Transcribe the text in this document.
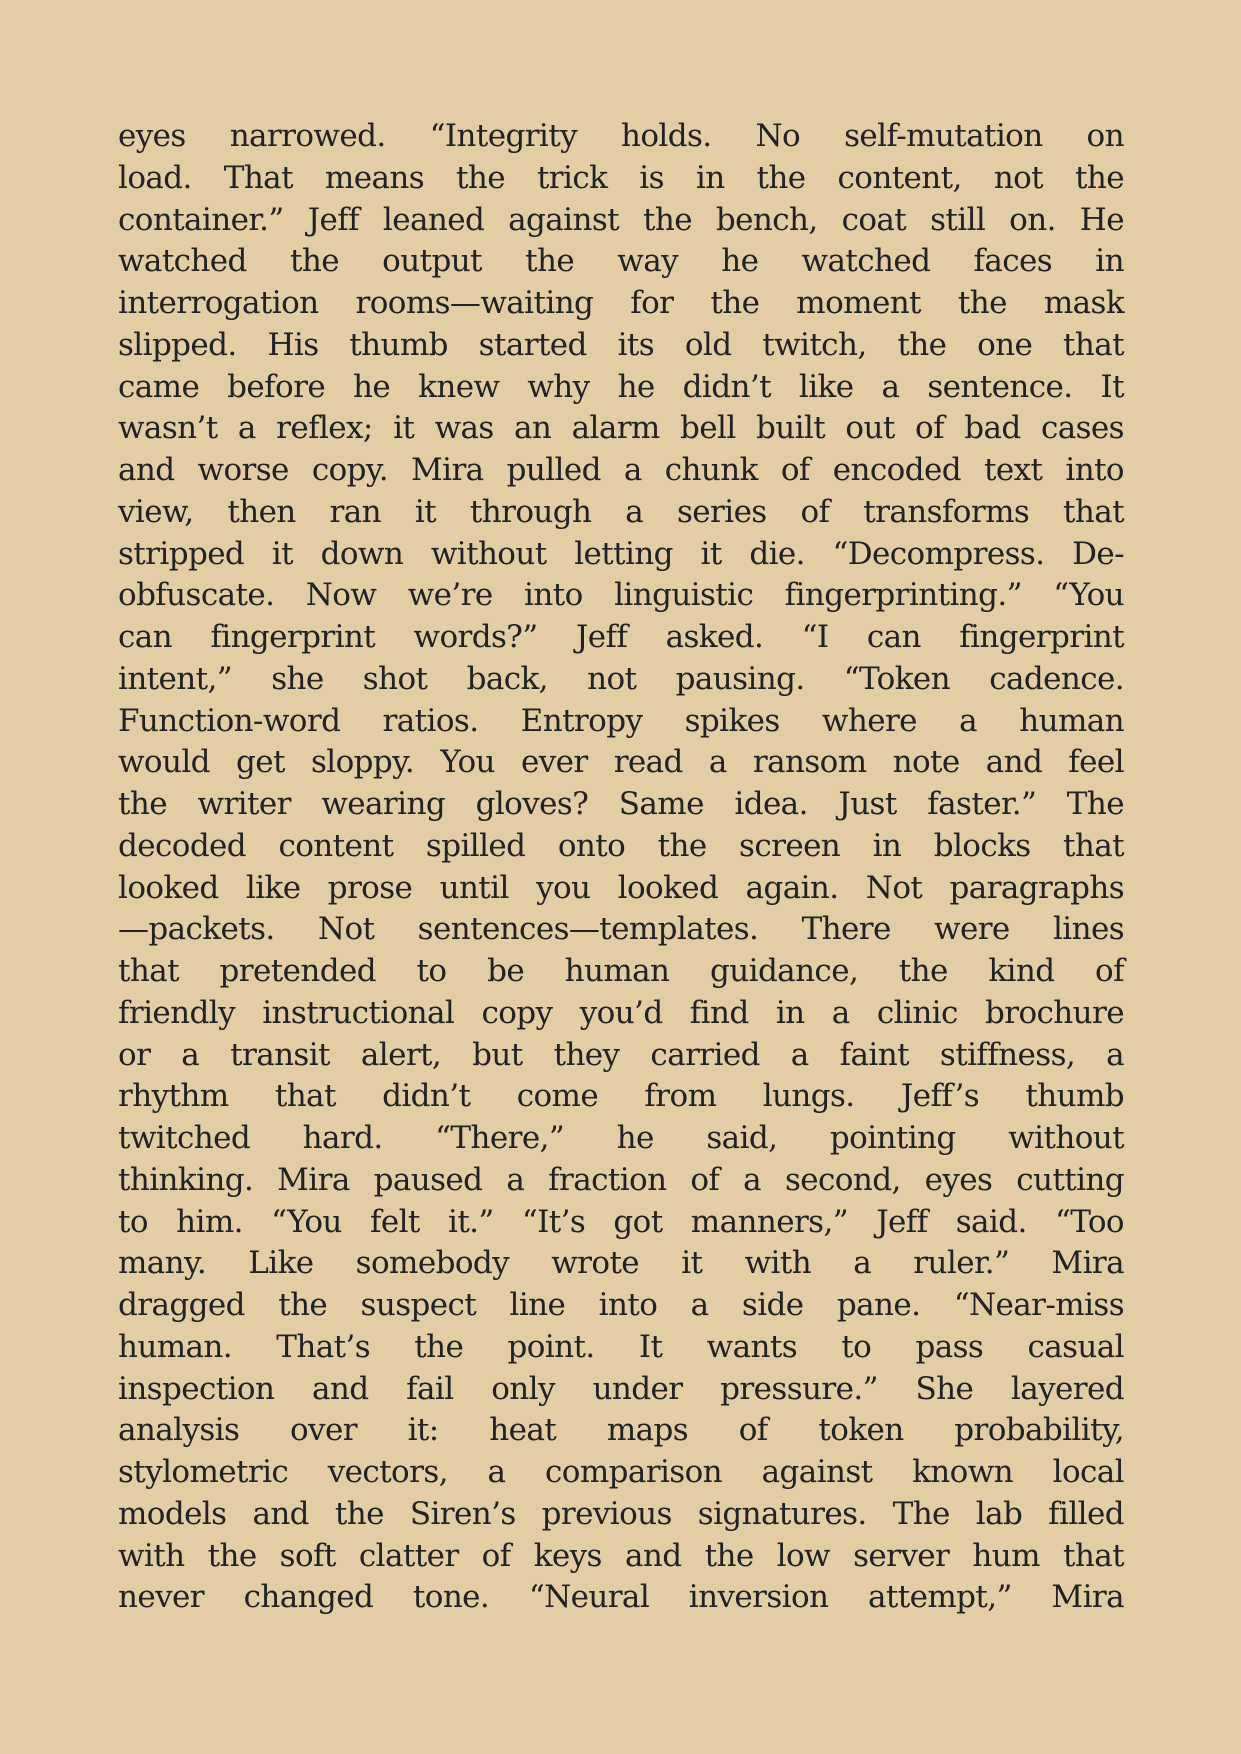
eyes narrowed. “Integrity holds. No self-mutation on
load. That means the trick is in the content, not the
container.” Jeff leaned against the bench, coat still on. He
watched the output the way he watched faces in
interrogation rooms—waiting for the moment the mask
slipped. His thumb started its old twitch, the one that
came before he knew why he didn’t like a sentence. It
wasn’t a reflex; it was an alarm bell built out of bad cases
and worse copy. Mira pulled a chunk of encoded text into
view, then ran it through a series of transforms that
stripped it down without letting it die. “Decompress. De-
obfuscate. Now we’re into linguistic fingerprinting.” “You
can fingerprint words?” Jeff asked. “I can fingerprint
intent,” she shot back, not pausing. “Token cadence.
Function-word ratios. Entropy spikes where a human
would get sloppy. You ever read a ransom note and feel
the writer wearing gloves? Same idea. Just faster.” The
decoded content spilled onto the screen in blocks that
looked like prose until you looked again. Not paragraphs
—packets. Not sentences—templates. There were lines
that pretended to be human guidance, the kind of
friendly instructional copy you’d find in a clinic brochure
or a transit alert, but they carried a faint stiffness, a
rhythm that didn’t come from lungs. Jeff’s thumb
twitched hard. “There,” he said, pointing without
thinking. Mira paused a fraction of a second, eyes cutting
to him. “You felt it.” “It’s got manners,” Jeff said. “Too
many. Like somebody wrote it with a ruler.” Mira
dragged the suspect line into a side pane. “Near-miss
human. That’s the point. It wants to pass casual
inspection and fail only under pressure.” She layered
analysis over it: heat maps of token probability,
stylometric vectors, a comparison against known local
models and the Siren’s previous signatures. The lab filled
with the soft clatter of keys and the low server hum that
never changed tone. “Neural inversion attempt,” Mira
